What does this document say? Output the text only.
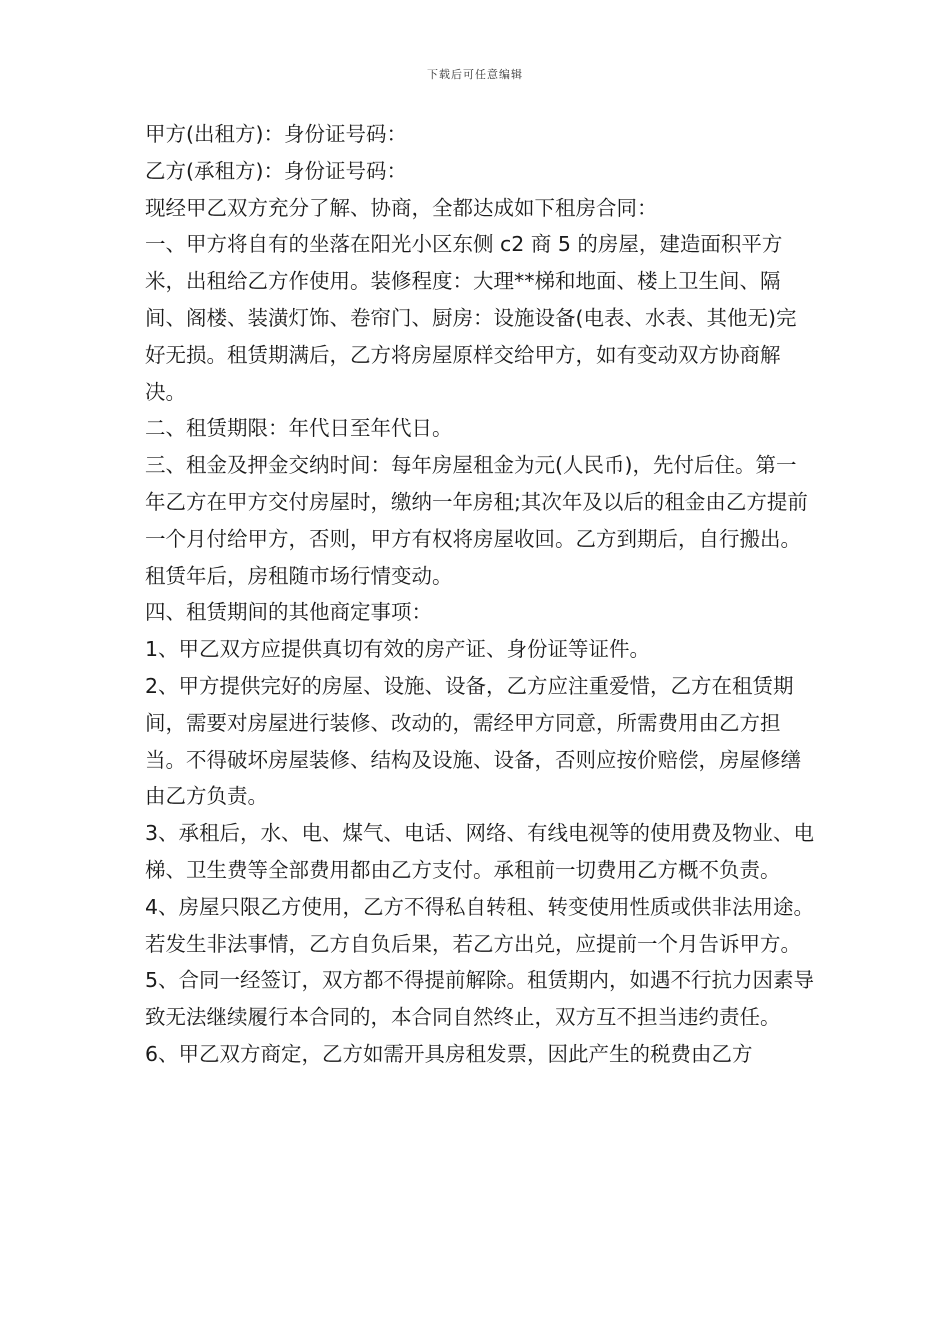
下载后可任意编辑

甲方(出租方)：身份证号码：

乙方(承租方)：身份证号码：

现经甲乙双方充分了解、协商，全都达成如下租房合同：

一、甲方将自有的坐落在阳光小区东侧 c2 商 5 的房屋，建造面积平方米，出租给乙方作使用。装修程度：大理**梯和地面、楼上卫生间、隔间、阁楼、装潢灯饰、卷帘门、厨房：设施设备(电表、水表、其他无)完好无损。租赁期满后，乙方将房屋原样交给甲方，如有变动双方协商解决。

二、租赁期限：年代日至年代日。

三、租金及押金交纳时间：每年房屋租金为元(人民币)，先付后住。第一年乙方在甲方交付房屋时，缴纳一年房租;其次年及以后的租金由乙方提前一个月付给甲方，否则，甲方有权将房屋收回。乙方到期后，自行搬出。租赁年后，房租随市场行情变动。

四、租赁期间的其他商定事项：

1、甲乙双方应提供真切有效的房产证、身份证等证件。

2、甲方提供完好的房屋、设施、设备，乙方应注重爱惜，乙方在租赁期间，需要对房屋进行装修、改动的，需经甲方同意，所需费用由乙方担当。不得破坏房屋装修、结构及设施、设备，否则应按价赔偿，房屋修缮由乙方负责。

3、承租后，水、电、煤气、电话、网络、有线电视等的使用费及物业、电梯、卫生费等全部费用都由乙方支付。承租前一切费用乙方概不负责。

4、房屋只限乙方使用，乙方不得私自转租、转变使用性质或供非法用途。若发生非法事情，乙方自负后果，若乙方出兑，应提前一个月告诉甲方。

5、合同一经签订，双方都不得提前解除。租赁期内，如遇不行抗力因素导致无法继续履行本合同的，本合同自然终止，双方互不担当违约责任。

6、甲乙双方商定，乙方如需开具房租发票，因此产生的税费由乙方
